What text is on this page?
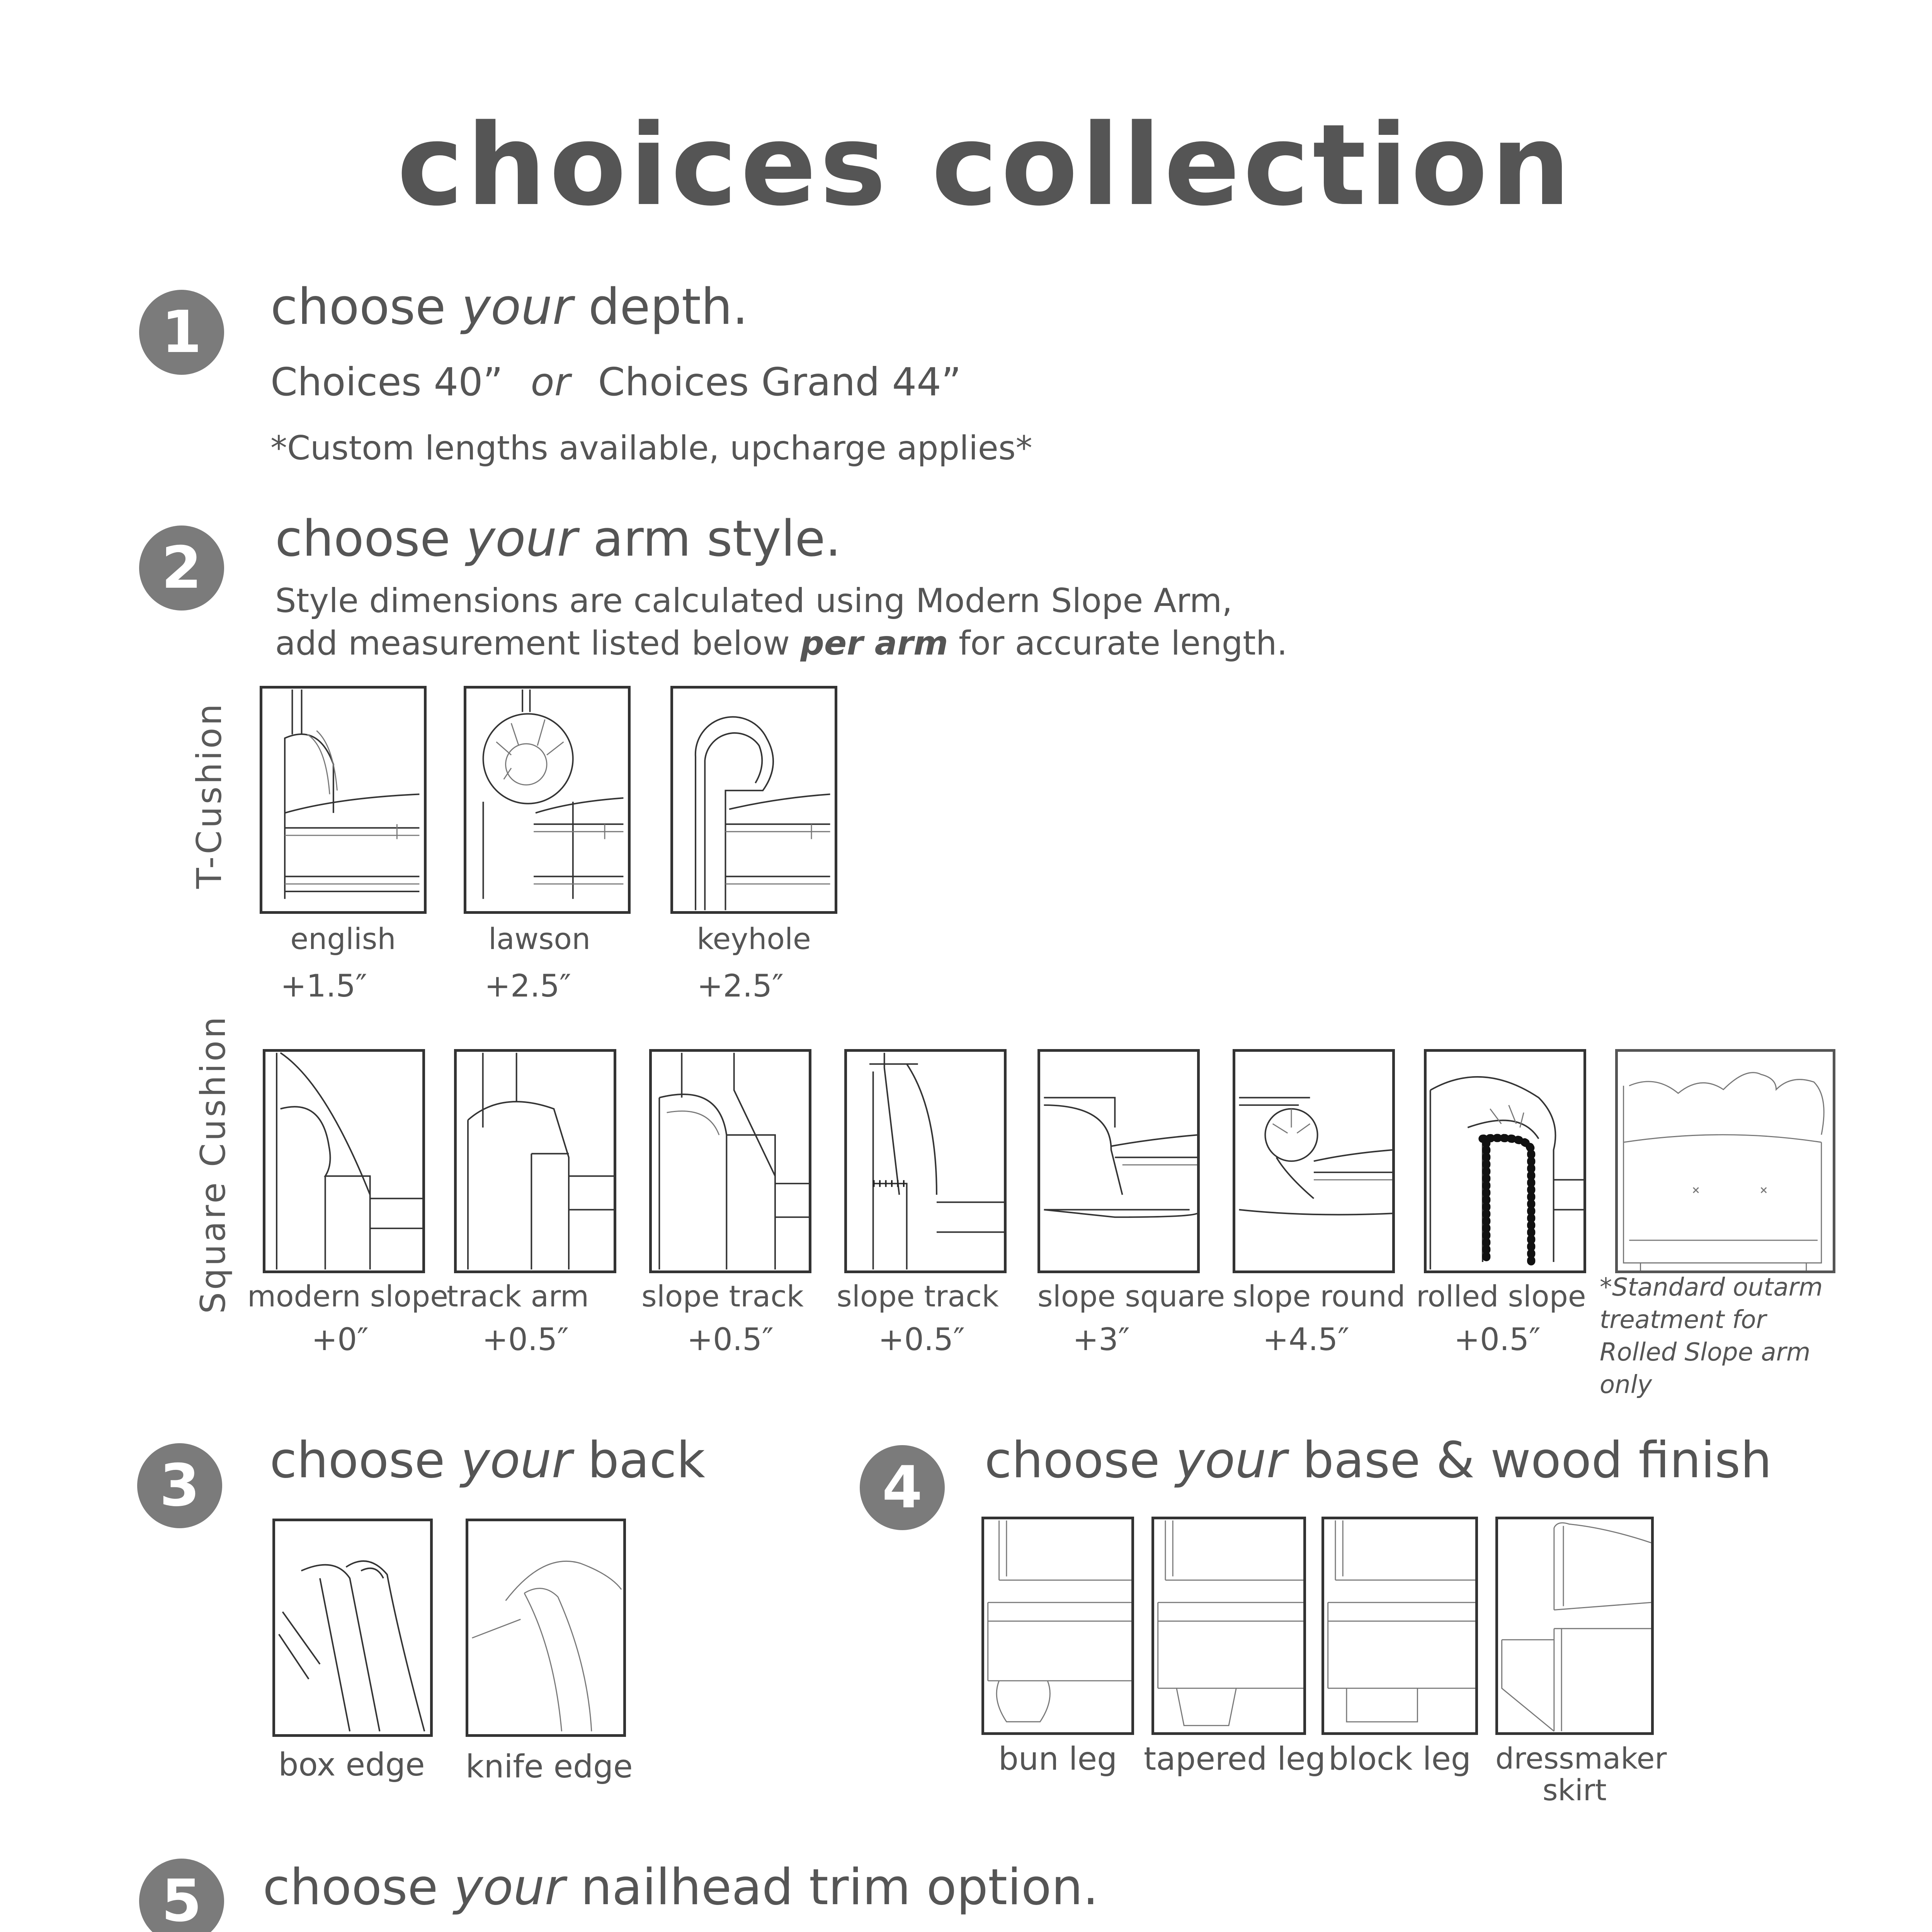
choices collection
1	choose your depth.
Choices 40” or Choices Grand 44”
*Custom lengths available, upcharge applies*
2	choose your arm style.
Style dimensions are calculated using Modern Slope Arm,
add measurement listed below per arm for accurate length.
T-Cushion
english
+1.5″
lawson
+2.5″
keyhole
+2.5″
Square Cushion modern slope
+0″
track arm
+0.5″
slope track
+0.5″
slope track
+0.5″
slope square
+3″
slope round
+4.5″
rolled slope
+0.5″
*Standard outarm treatment for Rolled Slope arm only
3	choose your back
box edge knife edge
4	choose your base & wood finish
bun leg tapered leg block leg dressmaker skirt
5	choose your nailhead trim option.
